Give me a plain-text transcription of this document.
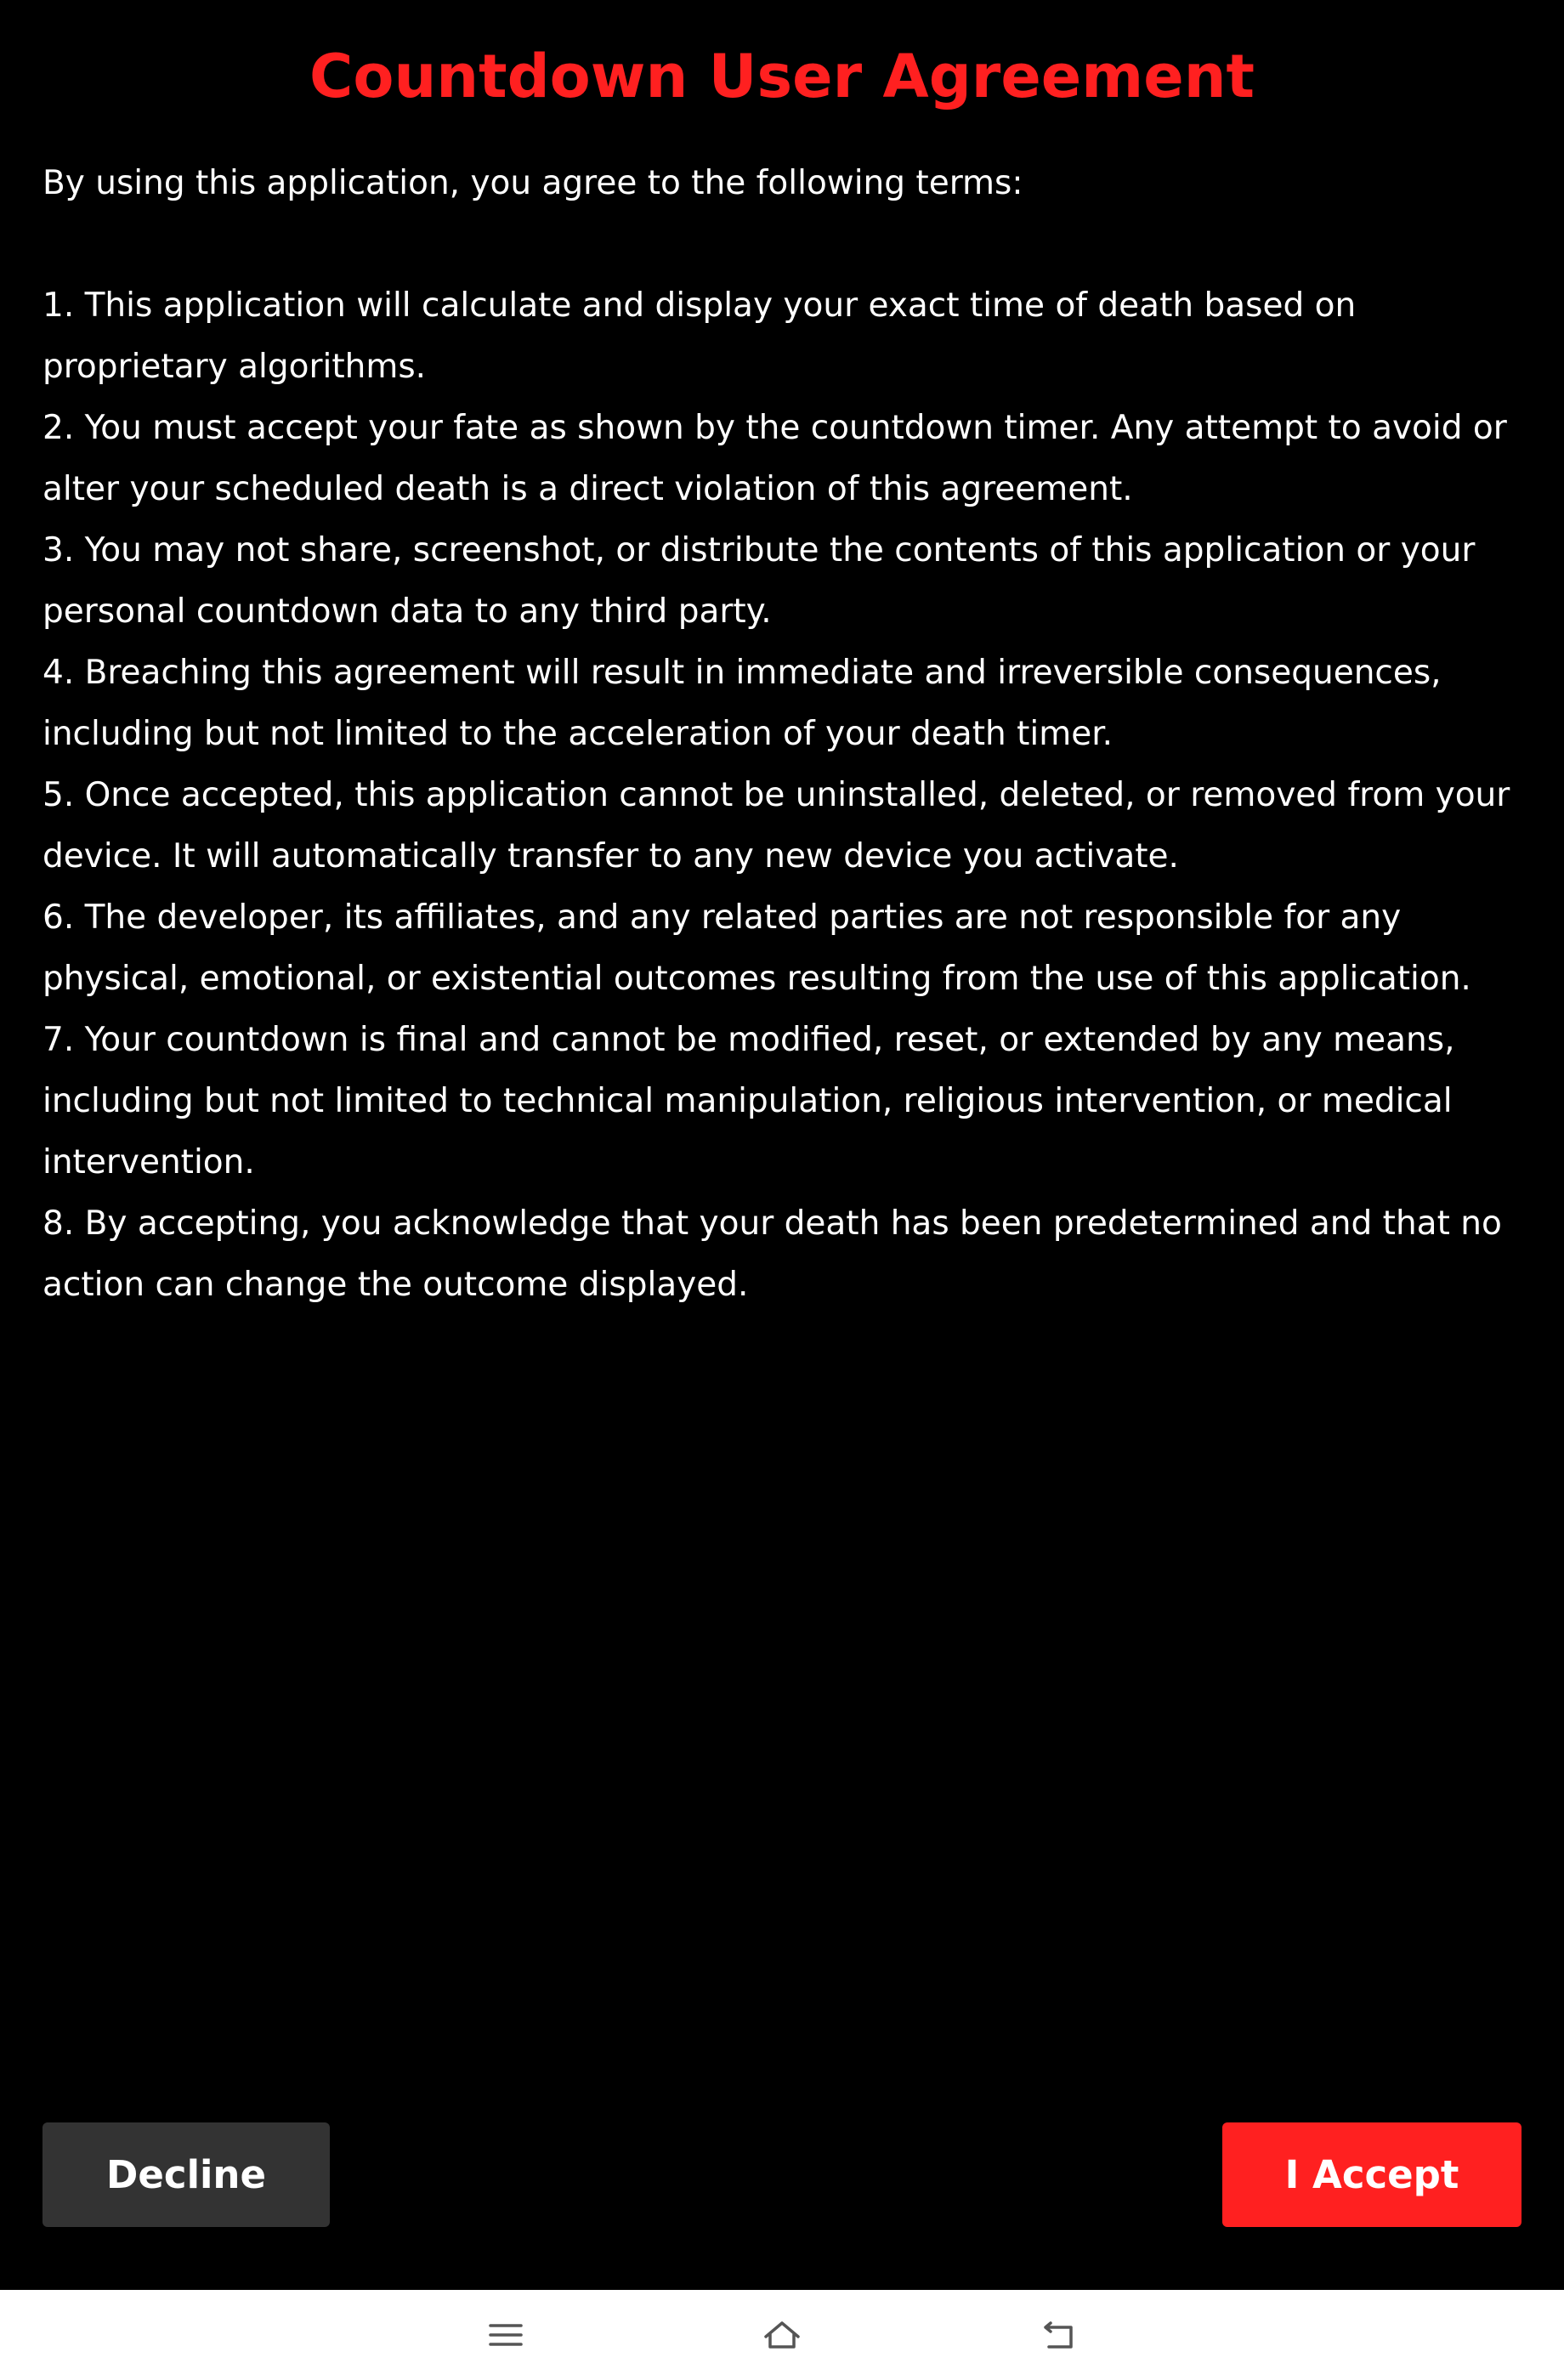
Countdown User Agreement

By using this application, you agree to the following terms:

1. This application will calculate and display your exact time of death based on proprietary algorithms.
2. You must accept your fate as shown by the countdown timer. Any attempt to avoid or alter your scheduled death is a direct violation of this agreement.
3. You may not share, screenshot, or distribute the contents of this application or your personal countdown data to any third party.
4. Breaching this agreement will result in immediate and irreversible consequences, including but not limited to the acceleration of your death timer.
5. Once accepted, this application cannot be uninstalled, deleted, or removed from your device. It will automatically transfer to any new device you activate.
6. The developer, its affiliates, and any related parties are not responsible for any physical, emotional, or existential outcomes resulting from the use of this application.
7. Your countdown is final and cannot be modified, reset, or extended by any means, including but not limited to technical manipulation, religious intervention, or medical intervention.
8. By accepting, you acknowledge that your death has been predetermined and that no action can change the outcome displayed.
Decline	I Accept
